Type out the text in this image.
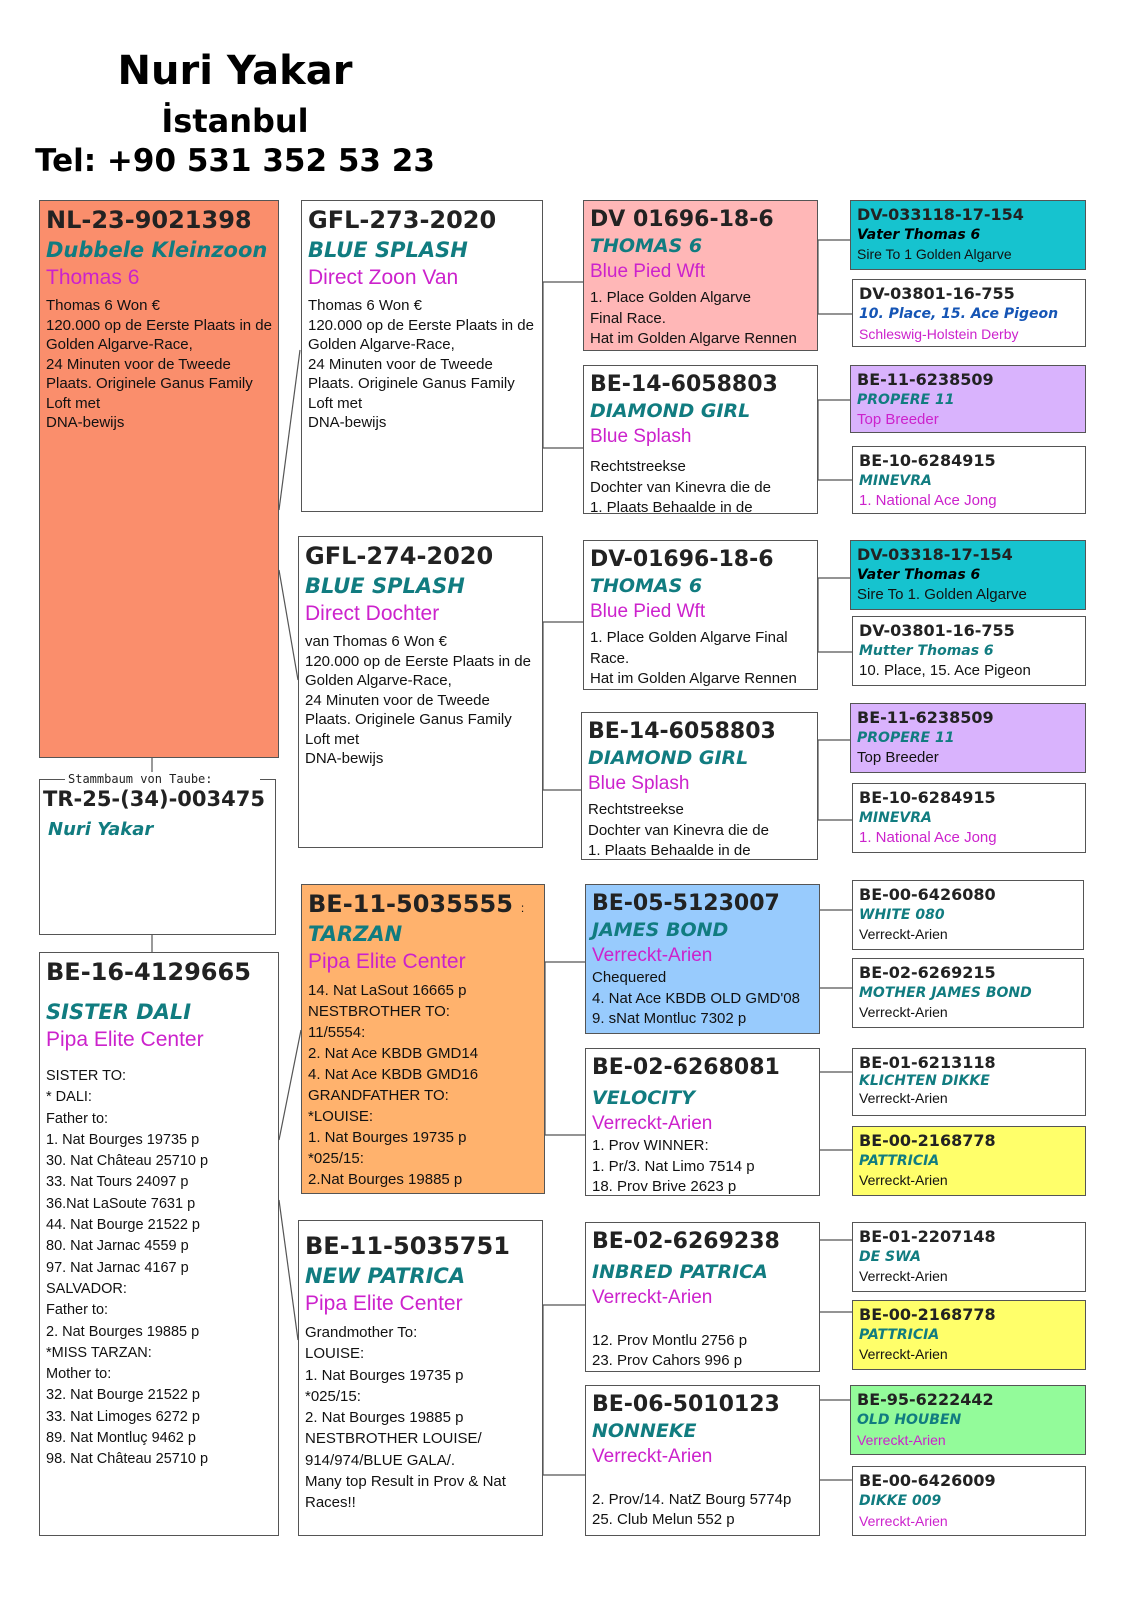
Nuri Yakar
İstanbul
Tel: +90 531 352 53 23
NL-23-9021398
Dubbele Kleinzoon
Thomas 6
Thomas 6 Won €
120.000 op de Eerste Plaats in de Golden Algarve-Race,
24 Minuten voor de Tweede Plaats. Originele Ganus Family Loft met
DNA-bewijs
Stammbaum von Taube:
TR-25-(34)-003475
Nuri Yakar
BE-16-4129665
SISTER DALI
Pipa Elite Center
SISTER TO:
* DALI:
Father to:
1. Nat Bourges 19735 p
30. Nat Château 25710 p
33. Nat Tours 24097 p
36.Nat LaSoute 7631 p
44. Nat Bourge 21522 p
80. Nat Jarnac 4559 p
97. Nat Jarnac 4167 p
SALVADOR:
Father to:
2. Nat Bourges 19885 p
*MISS TARZAN:
Mother to:
32. Nat Bourge 21522 p
33. Nat Limoges 6272 p
89. Nat Montluç 9462 p
98. Nat Château 25710 p
GFL-273-2020
BLUE SPLASH
Direct Zoon Van
Thomas 6 Won €
120.000 op de Eerste Plaats in de Golden Algarve-Race,
24 Minuten voor de Tweede Plaats. Originele Ganus Family Loft met
DNA-bewijs
GFL-274-2020
BLUE SPLASH
Direct Dochter
van Thomas 6 Won €
120.000 op de Eerste Plaats in de Golden Algarve-Race,
24 Minuten voor de Tweede Plaats. Originele Ganus Family Loft met
DNA-bewijs
BE-11-5035555 :
TARZAN
Pipa Elite Center
14. Nat LaSout 16665 p
NESTBROTHER TO:
11/5554:
2. Nat Ace KBDB GMD14
4. Nat Ace KBDB GMD16
GRANDFATHER TO:
*LOUISE:
1. Nat Bourges 19735 p
*025/15:
2.Nat Bourges 19885 p
BE-11-5035751
NEW PATRICA
Pipa Elite Center
Grandmother To:
LOUISE:
1. Nat Bourges 19735 p
*025/15:
2. Nat Bourges 19885 p
NESTBROTHER LOUISE/
914/974/BLUE GALA/.
Many top Result in Prov & Nat Races!!
DV 01696-18-6
THOMAS 6
Blue Pied Wft
1. Place Golden Algarve
Final Race.
Hat im Golden Algarve Rennen
BE-14-6058803
DIAMOND GIRL
Blue Splash
Rechtstreekse
Dochter van Kinevra die de
1. Plaats Behaalde in de
DV-01696-18-6
THOMAS 6
Blue Pied Wft
1. Place Golden Algarve Final Race.
Hat im Golden Algarve Rennen
BE-14-6058803
DIAMOND GIRL
Blue Splash
Rechtstreekse
Dochter van Kinevra die de
1. Plaats Behaalde in de
BE-05-5123007
JAMES BOND
Verreckt-Arien
Chequered
4. Nat Ace KBDB OLD GMD'08
9. sNat Montluc 7302 p
BE-02-6268081
VELOCITY
Verreckt-Arien
1. Prov WINNER:
1. Pr/3. Nat Limo 7514 p
18. Prov Brive 2623 p
BE-02-6269238
INBRED PATRICA
Verreckt-Arien

12. Prov Montlu 2756 p
23. Prov Cahors 996 p
BE-06-5010123
NONNEKE
Verreckt-Arien

2. Prov/14. NatZ Bourg 5774p
25. Club Melun 552 p
DV-033118-17-154
Vater Thomas 6
Sire To 1 Golden Algarve
DV-03801-16-755
10. Place, 15. Ace Pigeon
Schleswig-Holstein Derby
BE-11-6238509
PROPERE 11
Top Breeder
BE-10-6284915
MINEVRA
1. National Ace Jong
DV-03318-17-154
Vater Thomas 6
Sire To 1. Golden Algarve
DV-03801-16-755
Mutter Thomas 6
10. Place, 15. Ace Pigeon
BE-11-6238509
PROPERE 11
Top Breeder
BE-10-6284915
MINEVRA
1. National Ace Jong
BE-00-6426080
WHITE 080
Verreckt-Arien
BE-02-6269215
MOTHER JAMES BOND
Verreckt-Arien
BE-01-6213118
KLICHTEN DIKKE
Verreckt-Arien
BE-00-2168778
PATTRICIA
Verreckt-Arien
BE-01-2207148
DE SWA
Verreckt-Arien
BE-00-2168778
PATTRICIA
Verreckt-Arien
BE-95-6222442
OLD HOUBEN
Verreckt-Arien
BE-00-6426009
DIKKE 009
Verreckt-Arien
